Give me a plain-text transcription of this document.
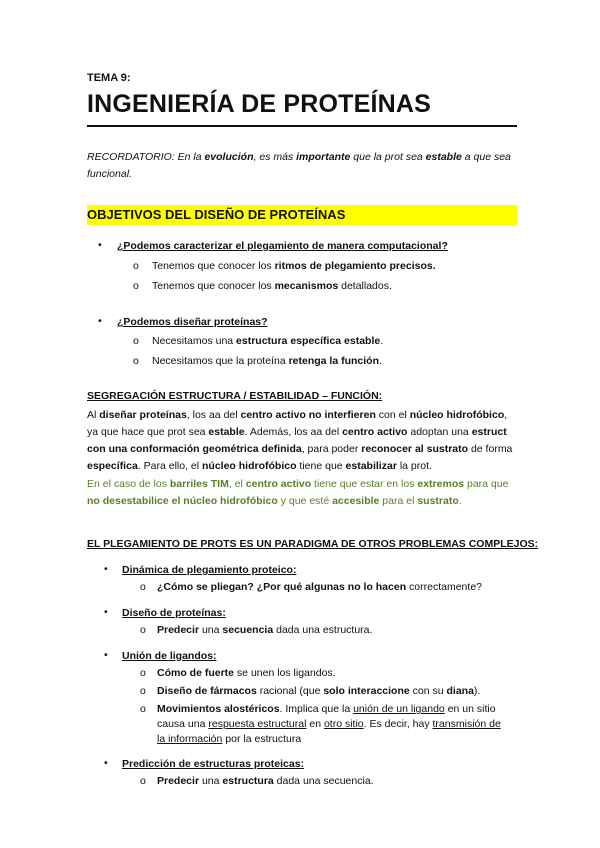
TEMA 9:
INGENIERÍA DE PROTEÍNAS
RECORDATORIO: En la evolución, es más importante que la prot sea estable a que sea
funcional.
OBJETIVOS DEL DISEÑO DE PROTEÍNAS
• ¿Podemos caracterizar el plegamiento de manera computacional?
o Tenemos que conocer los ritmos de plegamiento precisos.
o Tenemos que conocer los mecanismos detallados.
• ¿Podemos diseñar proteínas?
o Necesitamos una estructura específica estable.
o Necesitamos que la proteína retenga la función.
SEGREGACIÓN ESTRUCTURA / ESTABILIDAD – FUNCIÓN:
Al diseñar proteínas, los aa del centro activo no interfieren con el núcleo hidrofóbico,
ya que hace que prot sea estable. Además, los aa del centro activo adoptan una estruct
con una conformación geométrica definida, para poder reconocer al sustrato de forma
específica. Para ello, el núcleo hidrofóbico tiene que estabilizar la prot.
En el caso de los barriles TIM, el centro activo tiene que estar en los extremos para que
no desestabilice el núcleo hidrofóbico y que esté accesible para el sustrato.
EL PLEGAMIENTO DE PROTS ES UN PARADIGMA DE OTROS PROBLEMAS COMPLEJOS:
• Dinámica de plegamiento proteico:
o ¿Cómo se pliegan? ¿Por qué algunas no lo hacen correctamente?
• Diseño de proteínas:
o Predecir una secuencia dada una estructura.
• Unión de ligandos:
o Cómo de fuerte se unen los ligandos.
o Diseño de fármacos racional (que solo interaccione con su diana).
o Movimientos alostéricos. Implica que la unión de un ligando en un sitio
causa una respuesta estructural en otro sitio. Es decir, hay transmisión de
la información por la estructura
• Predicción de estructuras proteicas:
o Predecir una estructura dada una secuencia.
